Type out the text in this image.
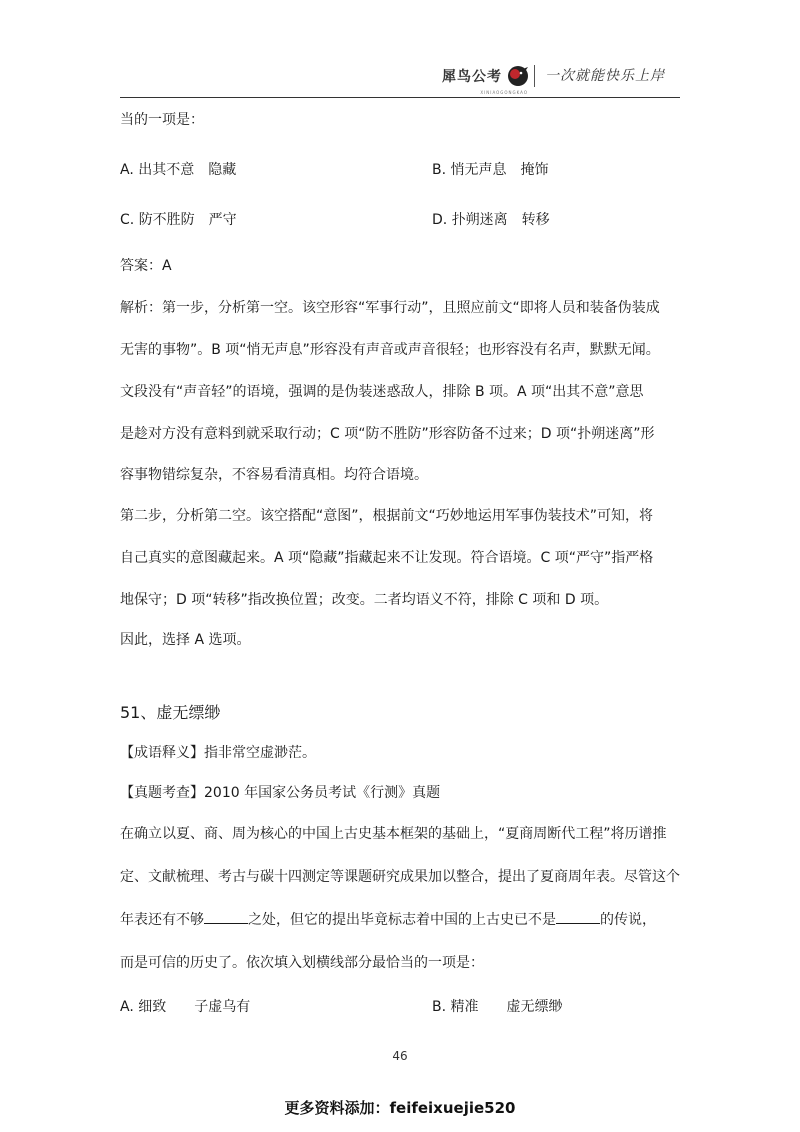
犀鸟公考
XINIAOGONGKAO
一次就能快乐上岸
当的一项是：
A. 出其不意　隐藏	B. 悄无声息　掩饰
C. 防不胜防　严守	D. 扑朔迷离　转移
答案：A
解析：第一步，分析第一空。该空形容“军事行动”，且照应前文“即将人员和装备伪装成
无害的事物”。B 项“悄无声息”形容没有声音或声音很轻；也形容没有名声，默默无闻。
文段没有“声音轻”的语境，强调的是伪装迷惑敌人，排除 B 项。A 项“出其不意”意思
是趁对方没有意料到就采取行动；C 项“防不胜防”形容防备不过来；D 项“扑朔迷离”形
容事物错综复杂，不容易看清真相。均符合语境。
第二步，分析第二空。该空搭配“意图”，根据前文“巧妙地运用军事伪装技术”可知，将
自己真实的意图藏起来。A 项“隐藏”指藏起来不让发现。符合语境。C 项“严守”指严格
地保守；D 项“转移”指改换位置；改变。二者均语义不符，排除 C 项和 D 项。
因此，选择 A 选项。
51、虚无缥缈
【成语释义】指非常空虚渺茫。
【真题考查】2010 年国家公务员考试《行测》真题
在确立以夏、商、周为核心的中国上古史基本框架的基础上，“夏商周断代工程”将历谱推
定、文献梳理、考古与碳十四测定等课题研究成果加以整合，提出了夏商周年表。尽管这个
年表还有不够	之处，但它的提出毕竟标志着中国的上古史已不是	的传说，
而是可信的历史了。依次填入划横线部分最恰当的一项是：
A. 细致　　子虚乌有	B. 精准　　虚无缥缈
46
更多资料添加：feifeixuejie520
